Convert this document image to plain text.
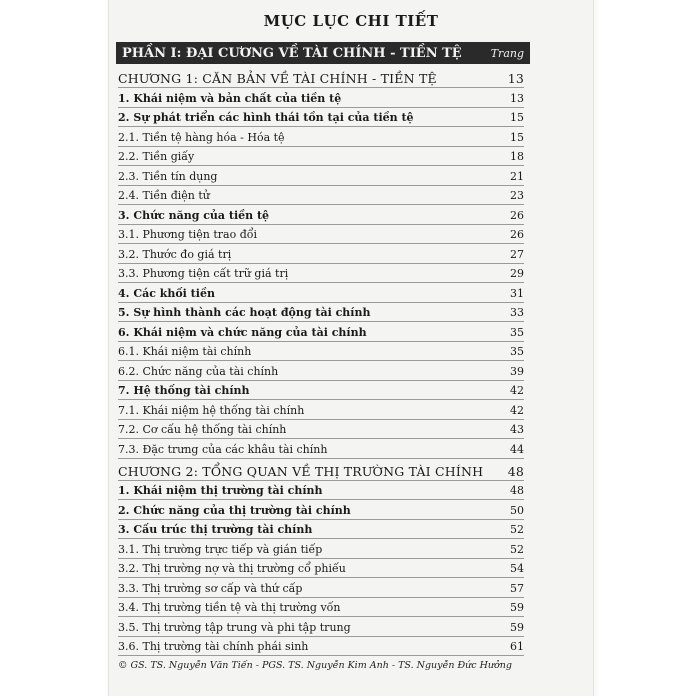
MỤC LỤC CHI TIẾT
PHẦN I: ĐẠI CƯƠNG VỀ TÀI CHÍNH - TIỀN TỆ	Trang
CHƯƠNG 1: CĂN BẢN VỀ TÀI CHÍNH - TIỀN TỆ	13
1. Khái niệm và bản chất của tiền tệ	13
2. Sự phát triển các hình thái tồn tại của tiền tệ	15
2.1. Tiền tệ hàng hóa - Hóa tệ	15
2.2. Tiền giấy	18
2.3. Tiền tín dụng	21
2.4. Tiền điện tử	23
3. Chức năng của tiền tệ	26
3.1. Phương tiện trao đổi	26
3.2. Thước đo giá trị	27
3.3. Phương tiện cất trữ giá trị	29
4. Các khối tiền	31
5. Sự hình thành các hoạt động tài chính	33
6. Khái niệm và chức năng của tài chính	35
6.1. Khái niệm tài chính	35
6.2. Chức năng của tài chính	39
7. Hệ thống tài chính	42
7.1. Khái niệm hệ thống tài chính	42
7.2. Cơ cấu hệ thống tài chính	43
7.3. Đặc trưng của các khâu tài chính	44
CHƯƠNG 2: TỔNG QUAN VỀ THỊ TRƯỜNG TÀI CHÍNH 48
1. Khái niệm thị trường tài chính	48
2. Chức năng của thị trường tài chính	50
3. Cấu trúc thị trường tài chính	52
3.1. Thị trường trực tiếp và gián tiếp	52
3.2. Thị trường nợ và thị trường cổ phiếu	54
3.3. Thị trường sơ cấp và thứ cấp	57
3.4. Thị trường tiền tệ và thị trường vốn	59
3.5. Thị trường tập trung và phi tập trung	59
3.6. Thị trường tài chính phái sinh	61
© GS. TS. Nguyễn Văn Tiến - PGS. TS. Nguyễn Kim Anh - TS. Nguyễn Đức Hưởng
